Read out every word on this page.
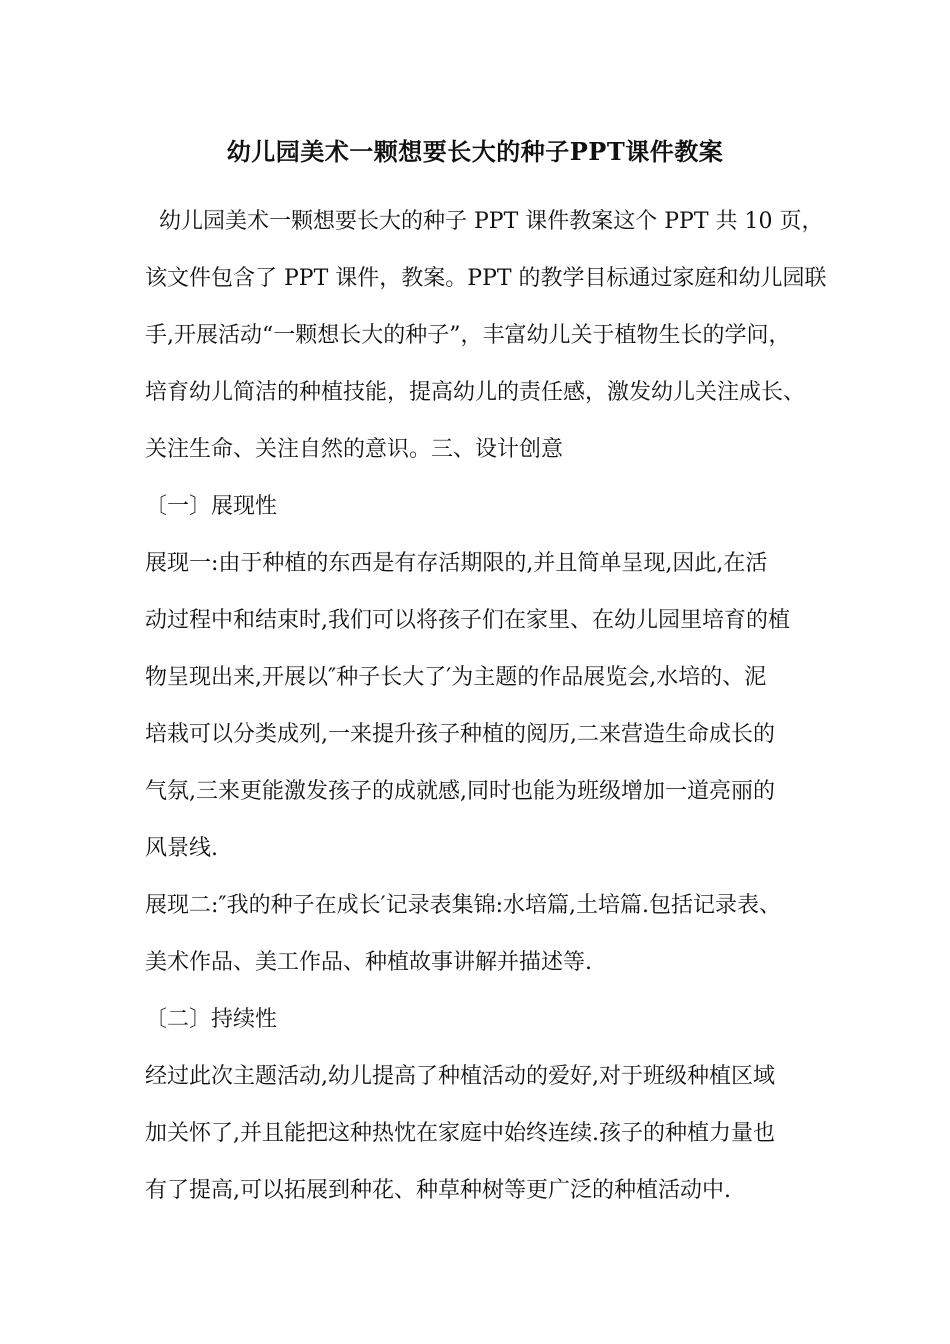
幼儿园美术一颗想要长大的种子PPT课件教案
幼儿园美术一颗想要长大的种子 PPT 课件教案这个 PPT 共 10 页，
该文件包含了 PPT 课件，教案。PPT 的教学目标通过家庭和幼儿园联
手,开展活动“一颗想长大的种子”，丰富幼儿关于植物生长的学问，
培育幼儿简洁的种植技能，提高幼儿的责任感，激发幼儿关注成长、
关注生命、关注自然的意识。三、设计创意
〔一〕展现性
展现一:由于种植的东西是有存活期限的,并且简单呈现,因此,在活
动过程中和结束时,我们可以将孩子们在家里、在幼儿园里培育的植
物呈现出来,开展以″种子长大了′为主题的作品展览会,水培的、泥
培栽可以分类成列,一来提升孩子种植的阅历,二来营造生命成长的
气氛,三来更能激发孩子的成就感,同时也能为班级增加一道亮丽的
风景线.
展现二:″我的种子在成长′记录表集锦:水培篇,土培篇.包括记录表、
美术作品、美工作品、种植故事讲解并描述等.
〔二〕持续性
经过此次主题活动,幼儿提高了种植活动的爱好,对于班级种植区域
加关怀了,并且能把这种热忱在家庭中始终连续.孩子的种植力量也
有了提高,可以拓展到种花、种草种树等更广泛的种植活动中.
